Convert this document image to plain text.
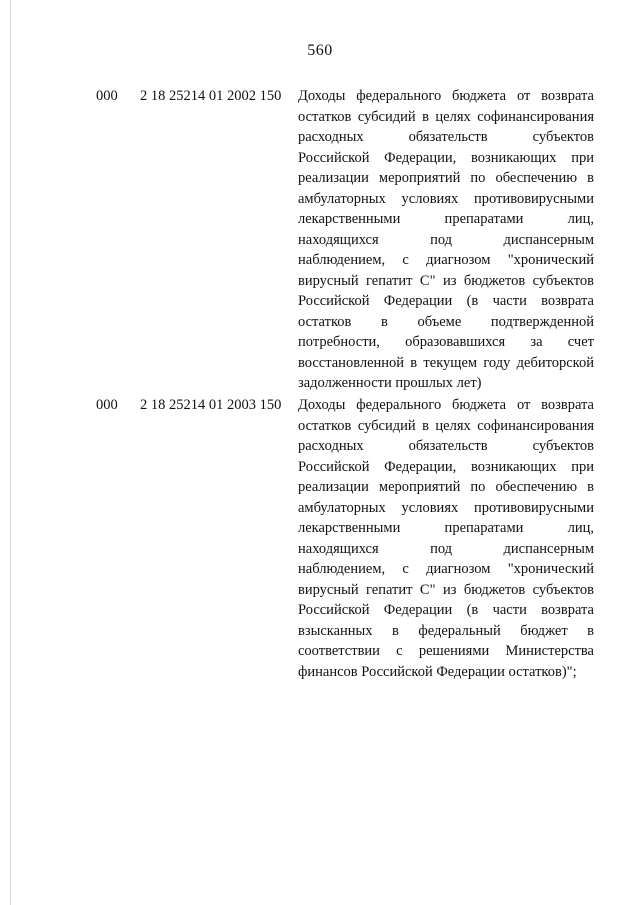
560
000 2 18 25214 01 2002 150 Доходы федерального бюджета от возврата
остатков субсидий в целях софинансирования
расходных обязательств субъектов
Российской Федерации, возникающих при
реализации мероприятий по обеспечению в
амбулаторных условиях противовирусными
лекарственными препаратами лиц,
находящихся под диспансерным
наблюдением, с диагнозом "хронический
вирусный гепатит С" из бюджетов субъектов
Российской Федерации (в части возврата
остатков в объеме подтвержденной
потребности, образовавшихся за счет
восстановленной в текущем году дебиторской
задолженности прошлых лет)
000 2 18 25214 01 2003 150 Доходы федерального бюджета от возврата
остатков субсидий в целях софинансирования
расходных обязательств субъектов
Российской Федерации, возникающих при
реализации мероприятий по обеспечению в
амбулаторных условиях противовирусными
лекарственными препаратами лиц,
находящихся под диспансерным
наблюдением, с диагнозом "хронический
вирусный гепатит С" из бюджетов субъектов
Российской Федерации (в части возврата
взысканных в федеральный бюджет в
соответствии с решениями Министерства
финансов Российской Федерации остатков)";
